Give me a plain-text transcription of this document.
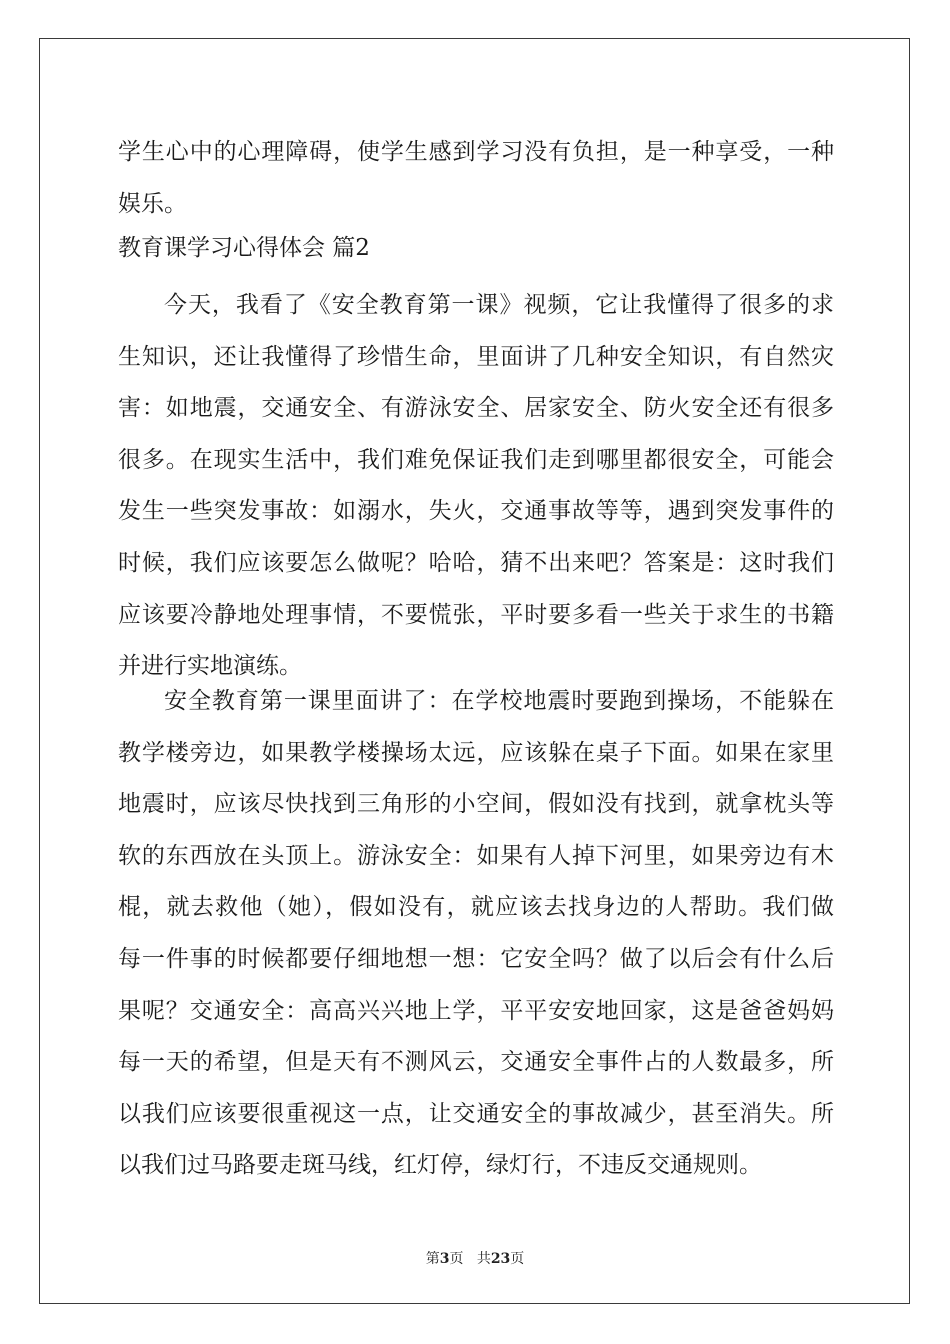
学生心中的心理障碍，使学生感到学习没有负担，是一种享受，一种
娱乐。
教育课学习心得体会 篇2
今天，我看了《安全教育第一课》视频，它让我懂得了很多的求
生知识，还让我懂得了珍惜生命，里面讲了几种安全知识，有自然灾
害：如地震，交通安全、有游泳安全、居家安全、防火安全还有很多
很多。在现实生活中，我们难免保证我们走到哪里都很安全，可能会
发生一些突发事故：如溺水，失火，交通事故等等，遇到突发事件的
时候，我们应该要怎么做呢？哈哈，猜不出来吧？答案是：这时我们
应该要冷静地处理事情，不要慌张，平时要多看一些关于求生的书籍
并进行实地演练。
安全教育第一课里面讲了：在学校地震时要跑到操场，不能躲在
教学楼旁边，如果教学楼操场太远，应该躲在桌子下面。如果在家里
地震时，应该尽快找到三角形的小空间，假如没有找到，就拿枕头等
软的东西放在头顶上。游泳安全：如果有人掉下河里，如果旁边有木
棍，就去救他（她），假如没有，就应该去找身边的人帮助。我们做
每一件事的时候都要仔细地想一想：它安全吗？做了以后会有什么后
果呢？交通安全：高高兴兴地上学，平平安安地回家，这是爸爸妈妈
每一天的希望，但是天有不测风云，交通安全事件占的人数最多，所
以我们应该要很重视这一点，让交通安全的事故减少，甚至消失。所
以我们过马路要走斑马线，红灯停，绿灯行，不违反交通规则。
第3页 共23页
